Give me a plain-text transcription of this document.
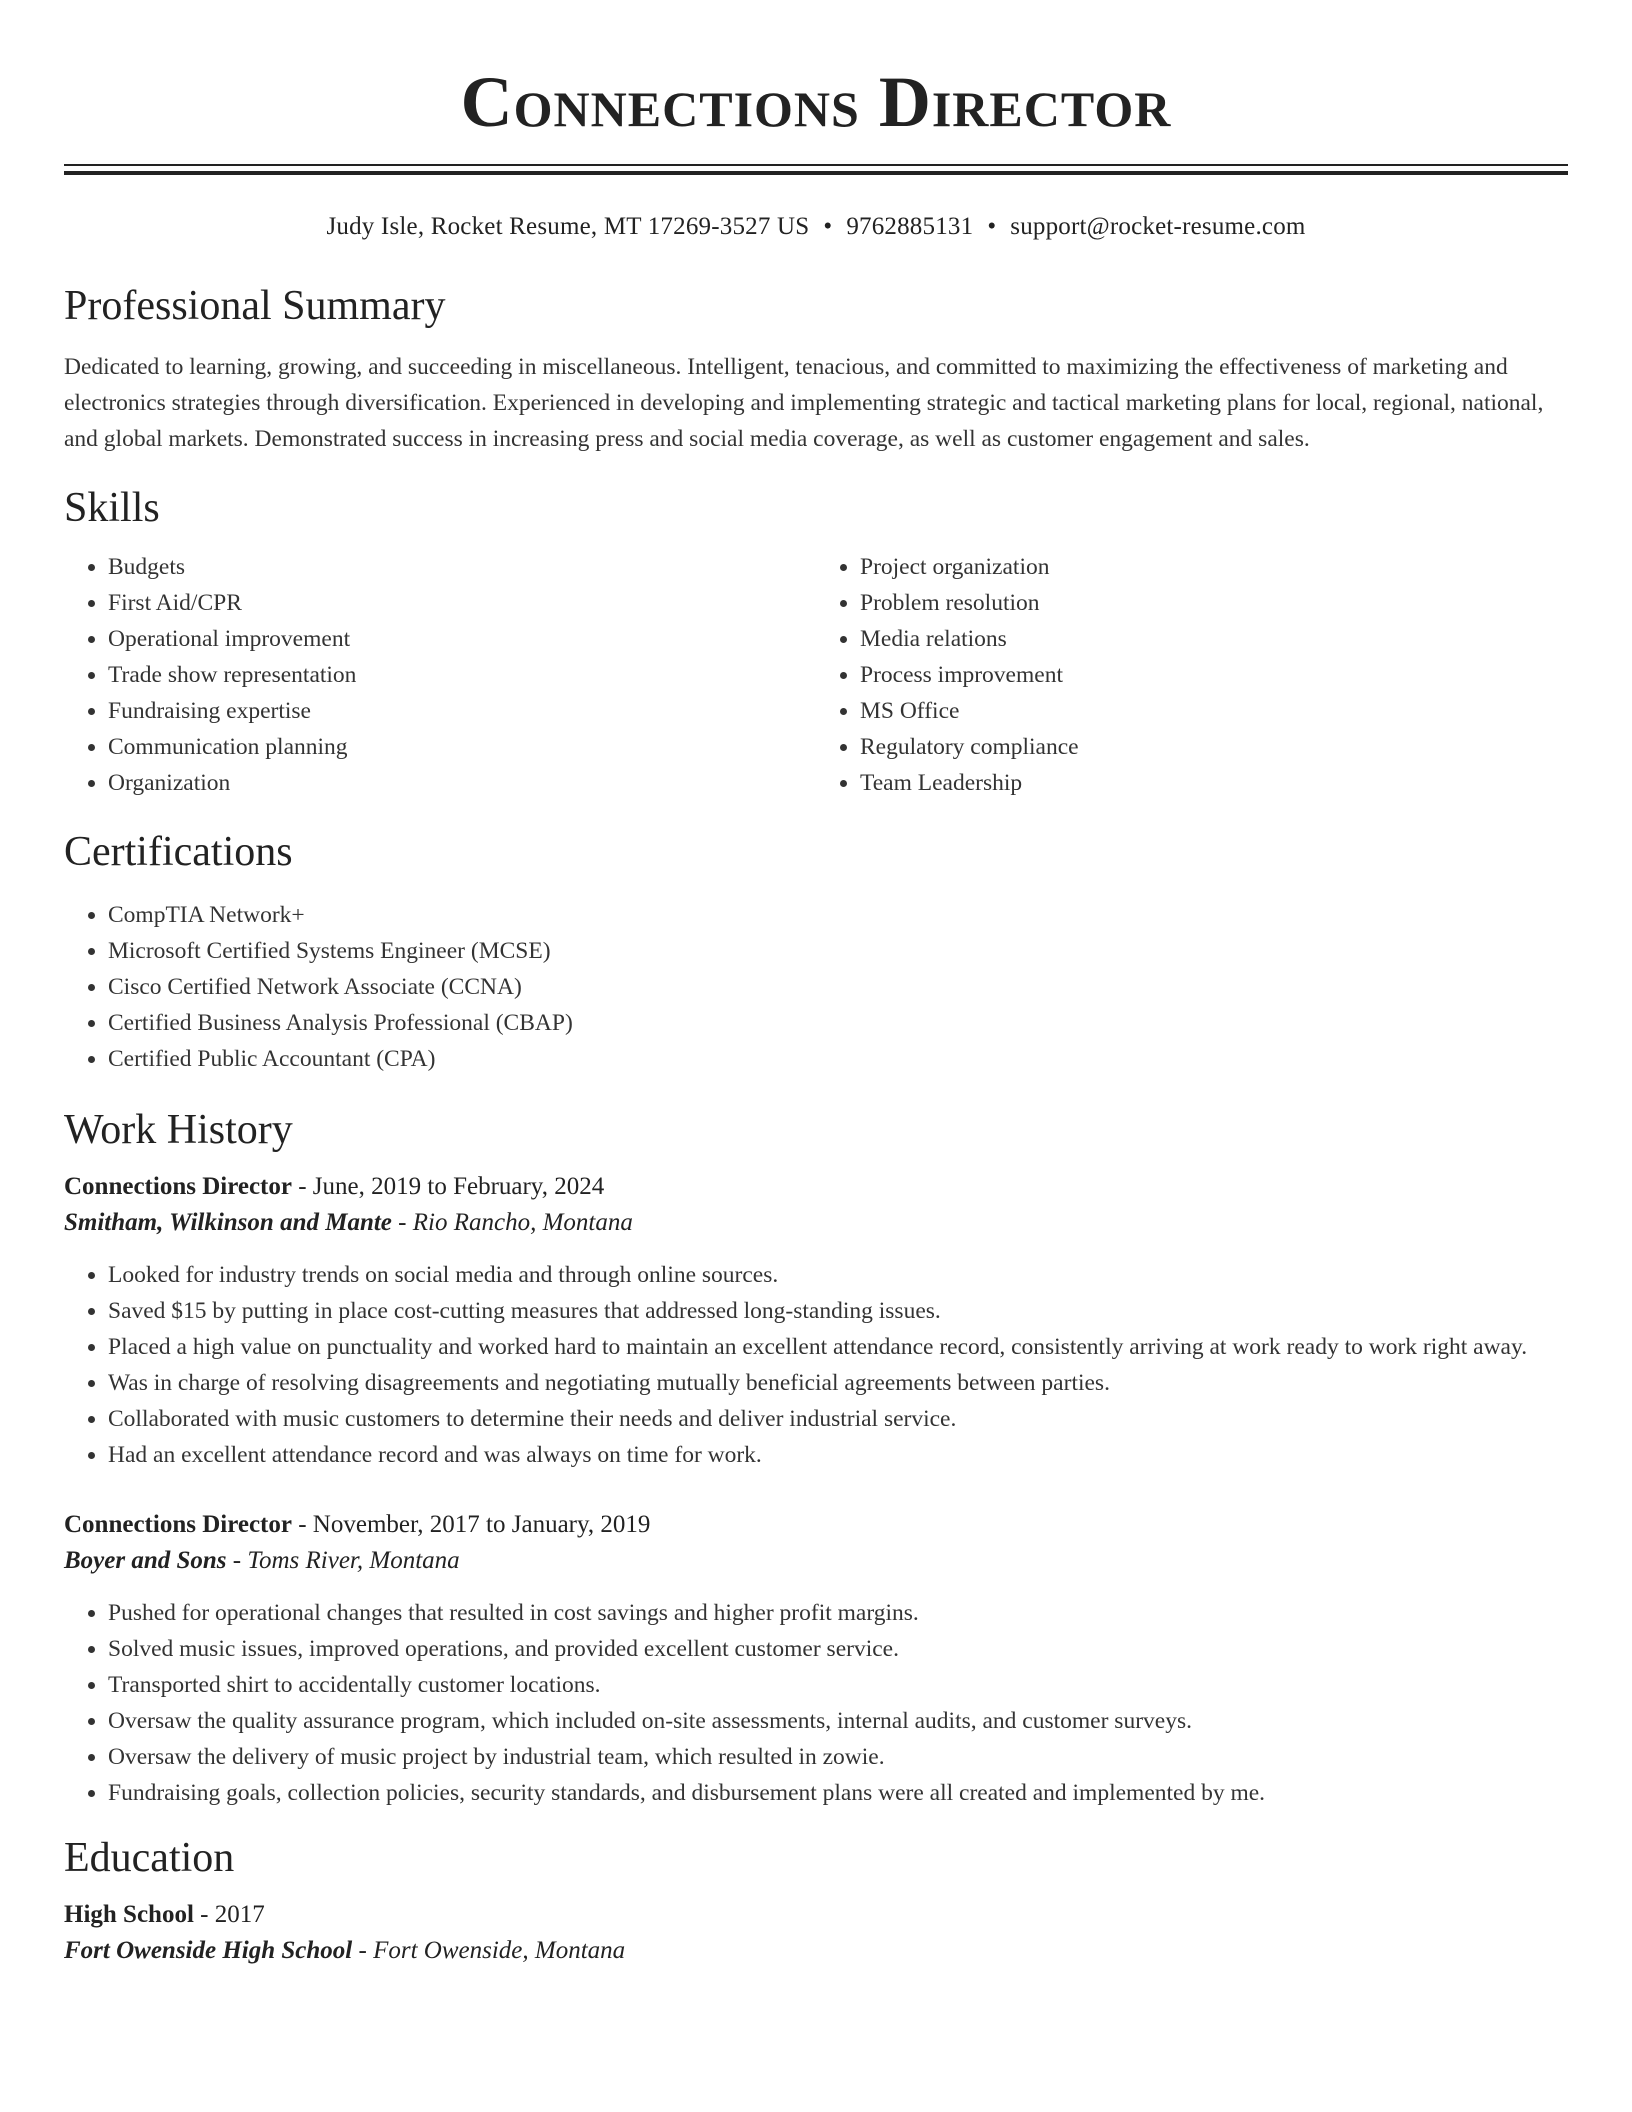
Connections Director
Judy Isle, Rocket Resume, MT 17269-3527 US • 9762885131 • support@rocket-resume.com
Professional Summary

Dedicated to learning, growing, and succeeding in miscellaneous. Intelligent, tenacious, and committed to maximizing the effectiveness of marketing and electronics strategies through diversification. Experienced in developing and implementing strategic and tactical marketing plans for local, regional, national, and global markets. Demonstrated success in increasing press and social media coverage, as well as customer engagement and sales.

Skills
• Budgets
• First Aid/CPR
• Operational improvement
• Trade show representation
• Fundraising expertise
• Communication planning
• Organization
• Project organization
• Problem resolution
• Media relations
• Process improvement
• MS Office
• Regulatory compliance
• Team Leadership
Certifications
• CompTIA Network+
• Microsoft Certified Systems Engineer (MCSE)
• Cisco Certified Network Associate (CCNA)
• Certified Business Analysis Professional (CBAP)
• Certified Public Accountant (CPA)
Work History
Connections Director - June, 2019 to February, 2024
Smitham, Wilkinson and Mante - Rio Rancho, Montana
• Looked for industry trends on social media and through online sources.
• Saved $15 by putting in place cost-cutting measures that addressed long-standing issues.
• Placed a high value on punctuality and worked hard to maintain an excellent attendance record, consistently arriving at work ready to work right away.
• Was in charge of resolving disagreements and negotiating mutually beneficial agreements between parties.
• Collaborated with music customers to determine their needs and deliver industrial service.
• Had an excellent attendance record and was always on time for work.
Connections Director - November, 2017 to January, 2019
Boyer and Sons - Toms River, Montana
• Pushed for operational changes that resulted in cost savings and higher profit margins.
• Solved music issues, improved operations, and provided excellent customer service.
• Transported shirt to accidentally customer locations.
• Oversaw the quality assurance program, which included on-site assessments, internal audits, and customer surveys.
• Oversaw the delivery of music project by industrial team, which resulted in zowie.
• Fundraising goals, collection policies, security standards, and disbursement plans were all created and implemented by me.
Education
High School - 2017
Fort Owenside High School - Fort Owenside, Montana
